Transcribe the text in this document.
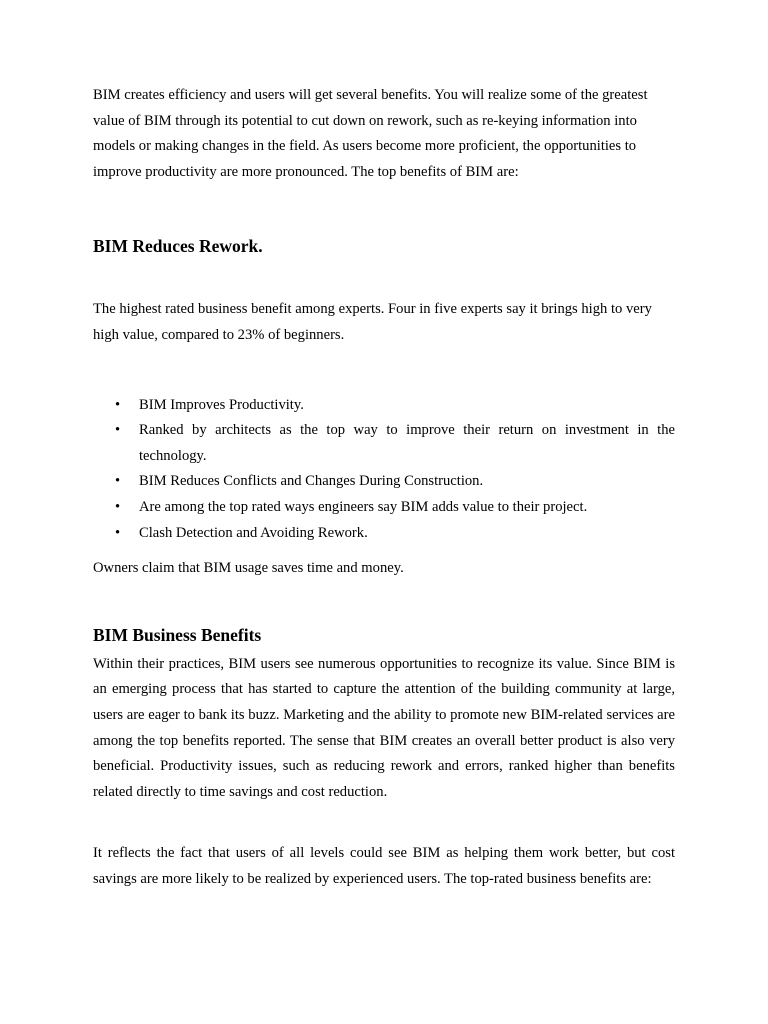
BIM creates efficiency and users will get several benefits. You will realize some of the greatest value of BIM through its potential to cut down on rework, such as re-keying information into models or making changes in the field. As users become more proficient, the opportunities to improve productivity are more pronounced. The top benefits of BIM are:

BIM Reduces Rework.

The highest rated business benefit among experts. Four in five experts say it brings high to very high value, compared to 23% of beginners.

• BIM Improves Productivity.
• Ranked by architects as the top way to improve their return on investment in the technology.
• BIM Reduces Conflicts and Changes During Construction.
• Are among the top rated ways engineers say BIM adds value to their project.
• Clash Detection and Avoiding Rework.

Owners claim that BIM usage saves time and money.

BIM Business Benefits

Within their practices, BIM users see numerous opportunities to recognize its value. Since BIM is an emerging process that has started to capture the attention of the building community at large, users are eager to bank its buzz. Marketing and the ability to promote new BIM-related services are among the top benefits reported. The sense that BIM creates an overall better product is also very beneficial. Productivity issues, such as reducing rework and errors, ranked higher than benefits related directly to time savings and cost reduction.

It reflects the fact that users of all levels could see BIM as helping them work better, but cost savings are more likely to be realized by experienced users. The top-rated business benefits are:
